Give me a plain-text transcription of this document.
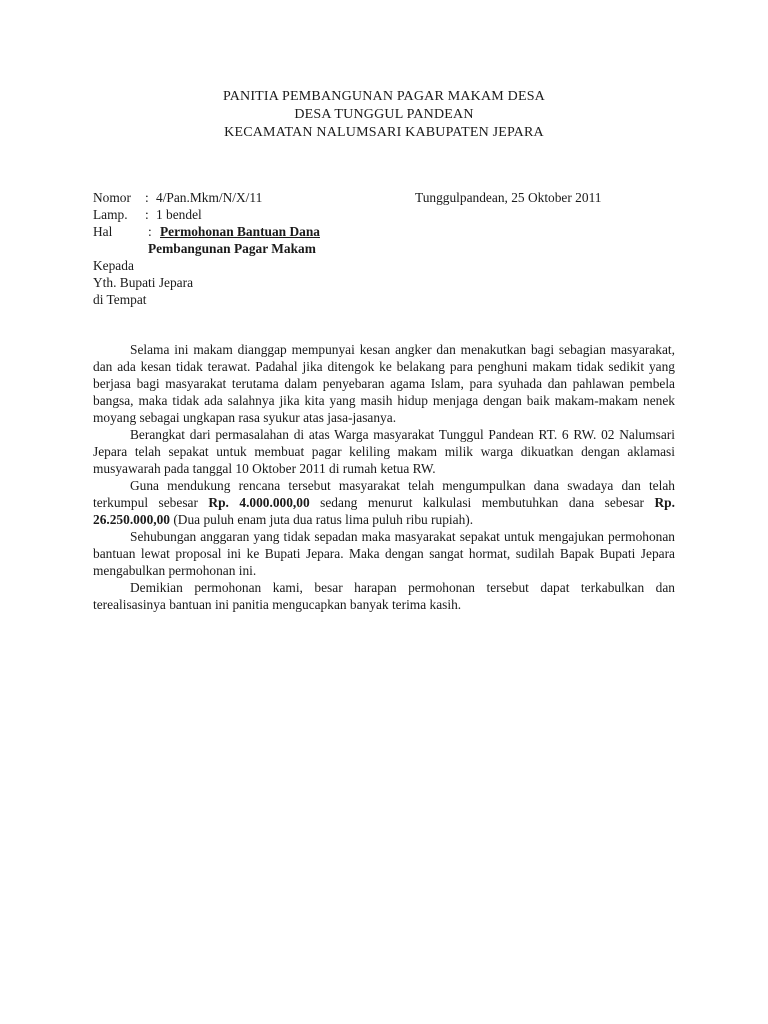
PANITIA PEMBANGUNAN PAGAR MAKAM DESA
DESA TUNGGUL PANDEAN
KECAMATAN NALUMSARI KABUPATEN JEPARA
Nomor : 4/Pan.Mkm/N/X/11	Tunggulpandean, 25 Oktober 2011
Lamp. : 1 bendel
Hal	: Permohonan Bantuan Dana
Pembangunan Pagar Makam
Kepada
Yth. Bupati Jepara
di Tempat

Selama ini makam dianggap mempunyai kesan angker dan menakutkan bagi sebagian masyarakat, dan ada kesan tidak terawat. Padahal jika ditengok ke belakang para penghuni makam tidak sedikit yang berjasa bagi masyarakat terutama dalam penyebaran agama Islam, para syuhada dan pahlawan pembela bangsa, maka tidak ada salahnya jika kita yang masih hidup menjaga dengan baik makam-makam nenek moyang sebagai ungkapan rasa syukur atas jasa-jasanya.

Berangkat dari permasalahan di atas Warga masyarakat Tunggul Pandean RT. 6 RW. 02 Nalumsari Jepara telah sepakat untuk membuat pagar keliling makam milik warga dikuatkan dengan aklamasi musyawarah pada tanggal 10 Oktober 2011 di rumah ketua RW.

Guna mendukung rencana tersebut masyarakat telah mengumpulkan dana swadaya dan telah terkumpul sebesar Rp. 4.000.000,00 sedang menurut kalkulasi membutuhkan dana sebesar Rp. 26.250.000,00 (Dua puluh enam juta dua ratus lima puluh ribu rupiah).

Sehubungan anggaran yang tidak sepadan maka masyarakat sepakat untuk mengajukan permohonan bantuan lewat proposal ini ke Bupati Jepara. Maka dengan sangat hormat, sudilah Bapak Bupati Jepara mengabulkan permohonan ini.

Demikian permohonan kami, besar harapan permohonan tersebut dapat terkabulkan dan terealisasinya bantuan ini panitia mengucapkan banyak terima kasih.
